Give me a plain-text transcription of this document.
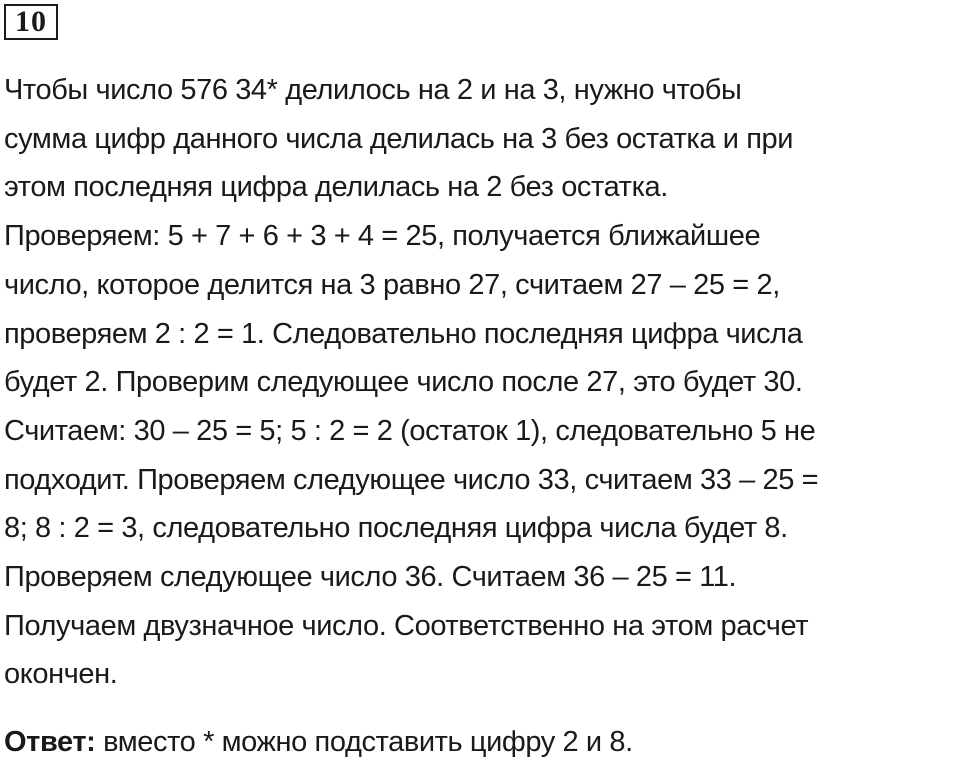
10
Чтобы число 576 34* делилось на 2 и на 3, нужно чтобы
сумма цифр данного числа делилась на 3 без остатка и при
этом последняя цифра делилась на 2 без остатка.
Проверяем: 5 + 7 + 6 + 3 + 4 = 25, получается ближайшее
число, которое делится на 3 равно 27, считаем 27 – 25 = 2,
проверяем 2 : 2 = 1. Следовательно последняя цифра числа
будет 2. Проверим следующее число после 27, это будет 30.
Считаем: 30 – 25 = 5; 5 : 2 = 2 (остаток 1), следовательно 5 не
подходит. Проверяем следующее число 33, считаем 33 – 25 =
8; 8 : 2 = 3, следовательно последняя цифра числа будет 8.
Проверяем следующее число 36. Считаем 36 – 25 = 11.
Получаем двузначное число. Соответственно на этом расчет
окончен.
Ответ: вместо * можно подставить цифру 2 и 8.
